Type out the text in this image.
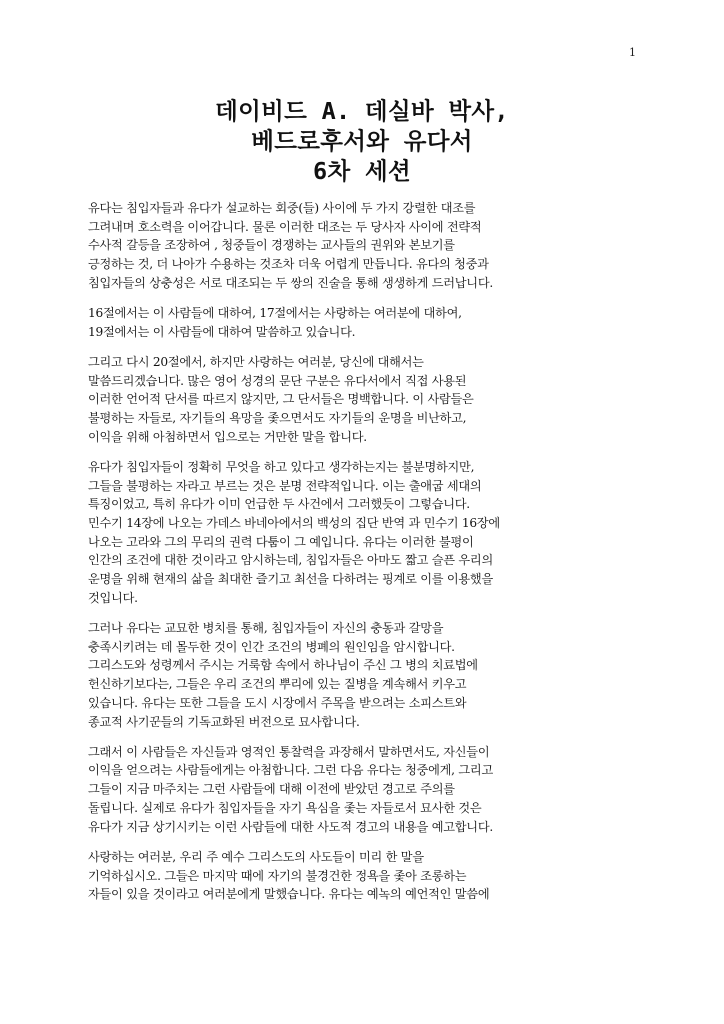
1
데이비드 A. 데실바 박사,
베드로후서와 유다서
6차 세션

유다는 침입자들과 유다가 설교하는 회중(들) 사이에 두 가지 강렬한 대조를
그려내며 호소력을 이어갑니다. 물론 이러한 대조는 두 당사자 사이에 전략적
수사적 갈등을 조장하여 , 청중들이 경쟁하는 교사들의 권위와 본보기를
긍정하는 것, 더 나아가 수용하는 것조차 더욱 어렵게 만듭니다. 유다의 청중과
침입자들의 상충성은 서로 대조되는 두 쌍의 진술을 통해 생생하게 드러납니다.

16절에서는 이 사람들에 대하여, 17절에서는 사랑하는 여러분에 대하여,
19절에서는 이 사람들에 대하여 말씀하고 있습니다.

그리고 다시 20절에서, 하지만 사랑하는 여러분, 당신에 대해서는
말씀드리겠습니다. 많은 영어 성경의 문단 구분은 유다서에서 직접 사용된
이러한 언어적 단서를 따르지 않지만, 그 단서들은 명백합니다. 이 사람들은
불평하는 자들로, 자기들의 욕망을 좇으면서도 자기들의 운명을 비난하고,
이익을 위해 아첨하면서 입으로는 거만한 말을 합니다.

유다가 침입자들이 정확히 무엇을 하고 있다고 생각하는지는 불분명하지만,
그들을 불평하는 자라고 부르는 것은 분명 전략적입니다. 이는 출애굽 세대의
특징이었고, 특히 유다가 이미 언급한 두 사건에서 그러했듯이 그렇습니다.
민수기 14장에 나오는 가데스 바네아에서의 백성의 집단 반역 과 민수기 16장에
나오는 고라와 그의 무리의 권력 다툼이 그 예입니다. 유다는 이러한 불평이
인간의 조건에 대한 것이라고 암시하는데, 침입자들은 아마도 짧고 슬픈 우리의
운명을 위해 현재의 삶을 최대한 즐기고 최선을 다하려는 핑계로 이를 이용했을
것입니다.

그러나 유다는 교묘한 병치를 통해, 침입자들이 자신의 충동과 갈망을
충족시키려는 데 몰두한 것이 인간 조건의 병폐의 원인임을 암시합니다.
그리스도와 성령께서 주시는 거룩함 속에서 하나님이 주신 그 병의 치료법에
헌신하기보다는, 그들은 우리 조건의 뿌리에 있는 질병을 계속해서 키우고
있습니다. 유다는 또한 그들을 도시 시장에서 주목을 받으려는 소피스트와
종교적 사기꾼들의 기독교화된 버전으로 묘사합니다.

그래서 이 사람들은 자신들과 영적인 통찰력을 과장해서 말하면서도, 자신들이
이익을 얻으려는 사람들에게는 아첨합니다. 그런 다음 유다는 청중에게, 그리고
그들이 지금 마주치는 그런 사람들에 대해 이전에 받았던 경고로 주의를
돌립니다. 실제로 유다가 침입자들을 자기 욕심을 좇는 자들로서 묘사한 것은
유다가 지금 상기시키는 이런 사람들에 대한 사도적 경고의 내용을 예고합니다.

사랑하는 여러분, 우리 주 예수 그리스도의 사도들이 미리 한 말을
기억하십시오. 그들은 마지막 때에 자기의 불경건한 정욕을 좇아 조롱하는
자들이 있을 것이라고 여러분에게 말했습니다. 유다는 예녹의 예언적인 말씀에
